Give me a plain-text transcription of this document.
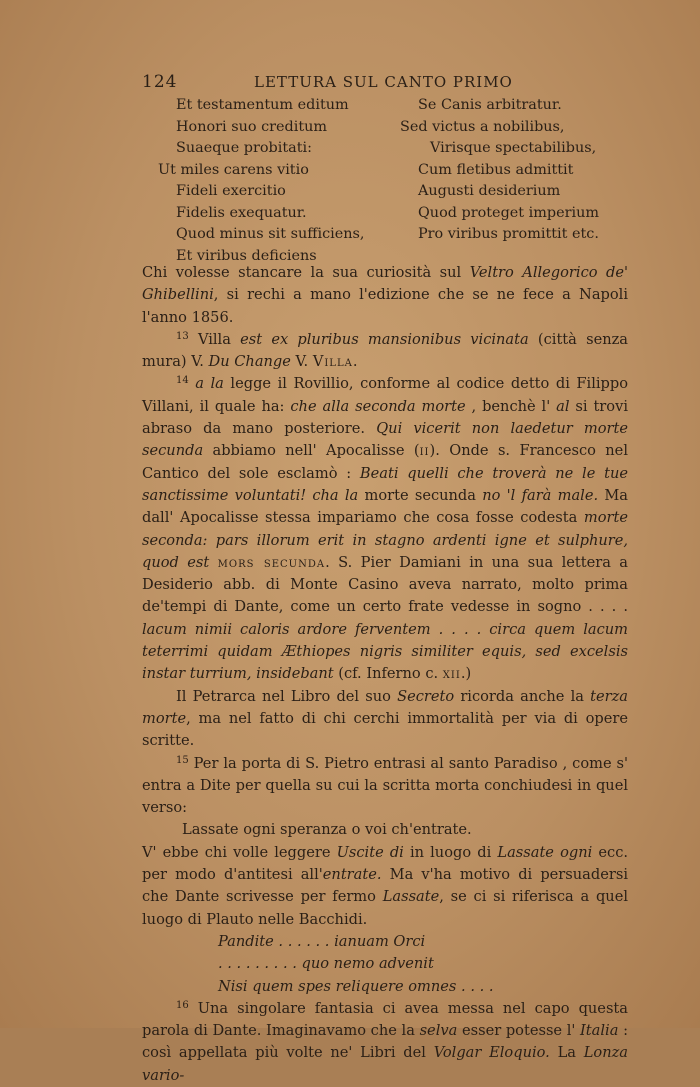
124	LETTURA SUL CANTO PRIMO
Et testamentum editum	Se Canis arbitratur.
Honori suo creditum	Sed victus a nobilibus,
Suaeque probitati:	Virisque spectabilibus,
Ut miles carens vitio	Cum fletibus admittit
Fideli exercitio	Augusti desiderium
Fidelis exequatur.	Quod proteget imperium
Quod minus sit sufficiens,	Pro viribus promittit etc.
Et viribus deficiens

Chi volesse stancare la sua curiosità sul Veltro Allegorico de' Ghibellini, si rechi a mano l'edizione che se ne fece a Napoli l'anno 1856.

$^{13}$ Villa est ex pluribus mansionibus vicinata (città senza mura) V. Du Change V. Villa.

$^{14}$ a la legge il Rovillio, conforme al codice detto di Filippo Villani, il quale ha: che alla seconda morte , benchè l' al si trovi abraso da mano posteriore. Qui vicerit non laedetur morte secunda abbiamo nell' Apocalisse (ii). Onde s. Francesco nel Cantico del sole esclamò : Beati quelli che troverà ne le tue sanctissime voluntati! cha la morte secunda no 'l farà male. Ma dall' Apocalisse stessa impariamo che cosa fosse codesta morte seconda: pars illorum erit in stagno ardenti igne et sulphure, quod est mors secunda. S. Pier Damiani in una sua lettera a Desiderio abb. di Monte Casino aveva narrato, molto prima de'tempi di Dante, come un certo frate vedesse in sogno . . . . lacum nimii caloris ardore ferventem . . . . circa quem lacum teterrimi quidam Æthiopes nigris similiter equis, sed excelsis instar turrium, insidebant (cf. Inferno c. xii.)

Il Petrarca nel Libro del suo Secreto ricorda anche la terza morte, ma nel fatto di chi cerchi immortalità per via di opere scritte.

$^{15}$ Per la porta di S. Pietro entrasi al santo Paradiso , come s' entra a Dite per quella su cui la scritta morta conchiudesi in quel verso:

Lassate ogni speranza o voi ch'entrate.

V' ebbe chi volle leggere Uscite di in luogo di Lassate ogni ecc. per modo d'antitesi all'entrate. Ma v'ha motivo di persuadersi che Dante scrivesse per fermo Lassate, se ci si riferisca a quel luogo di Plauto nelle Bacchidi.

Pandite . . . . . . ianuam Orci

. . . . . . . . . quo nemo advenit

Nisi quem spes reliquere omnes . . . .

$^{16}$ Una singolare fantasia ci avea messa nel capo questa parola di Dante. Imaginavamo che la selva esser potesse l' Italia : così appellata più volte ne' Libri del Volgar Eloquio. La Lonza vario-
